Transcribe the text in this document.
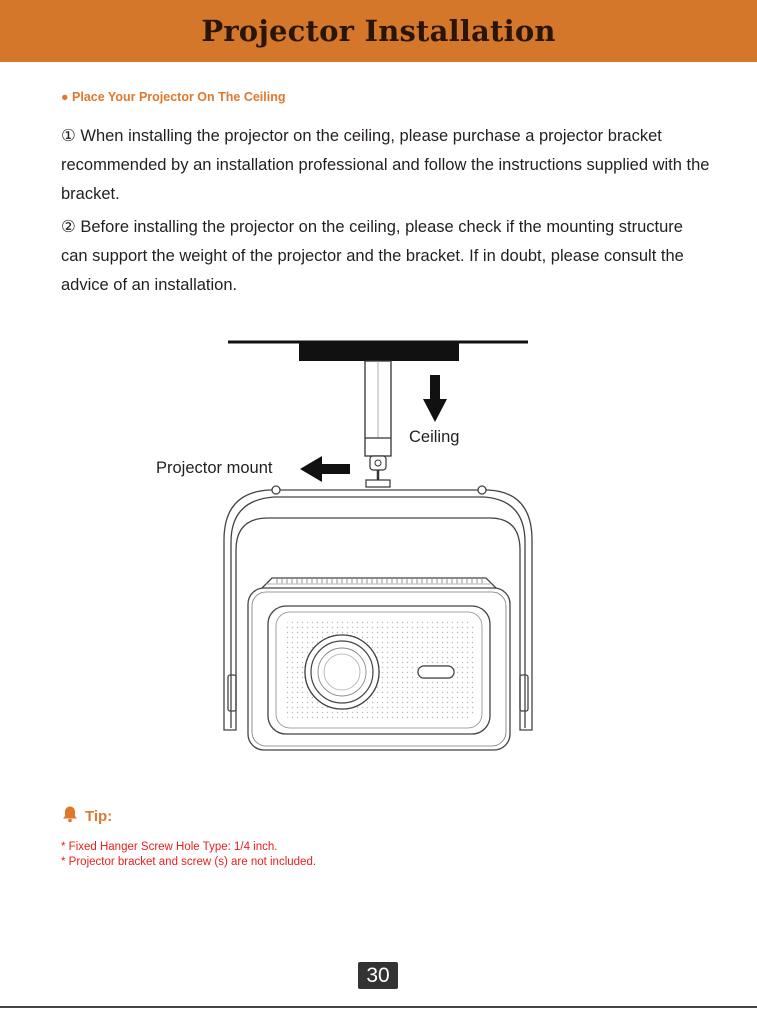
Projector Installation
● Place Your Projector On The Ceiling

① When installing the projector on the ceiling, please purchase a projector bracket recommended by an installation professional and follow the instructions supplied with the bracket.

② Before installing the projector on the ceiling, please check if the mounting structure can support the weight of the projector and the bracket. If in doubt, please consult the advice of an installation.

Ceiling
Projector mount
Tip:
* Fixed Hanger Screw Hole Type: 1/4 inch.
* Projector bracket and screw (s) are not included.
30
